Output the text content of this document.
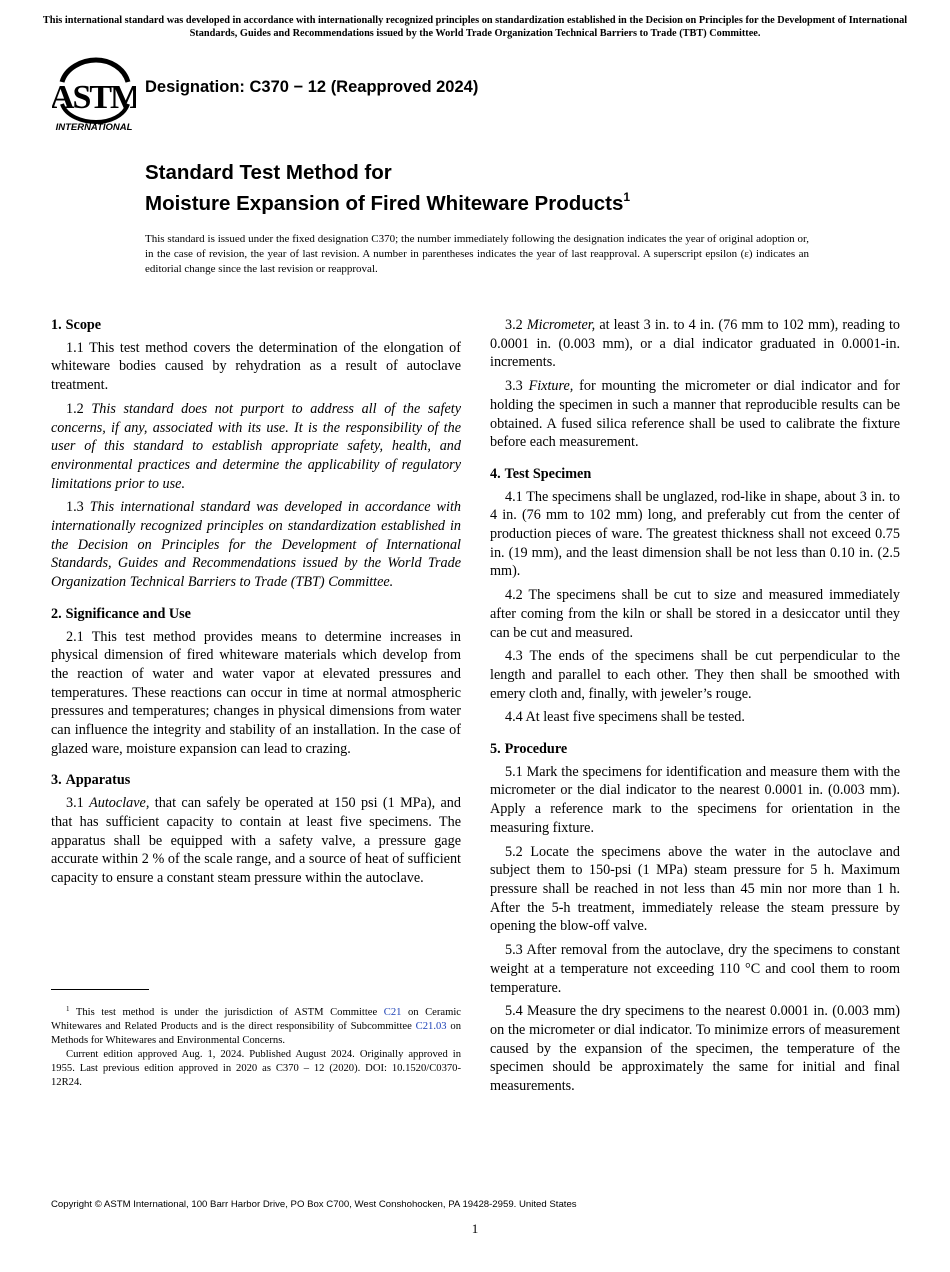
This international standard was developed in accordance with internationally recognized principles on standardization established in the Decision on Principles for the Development of International Standards, Guides and Recommendations issued by the World Trade Organization Technical Barriers to Trade (TBT) Committee.
ASTM
INTERNATIONAL
Designation: C370 − 12 (Reapproved 2024)
Standard Test Method for
Moisture Expansion of Fired Whiteware Products$^1$
This standard is issued under the fixed designation C370; the number immediately following the designation indicates the year of original adoption or, in the case of revision, the year of last revision. A number in parentheses indicates the year of last reapproval. A superscript epsilon (ε) indicates an editorial change since the last revision or reapproval.
1. Scope

1.1 This test method covers the determination of the elongation of whiteware bodies caused by rehydration as a result of autoclave treatment.

1.2 This standard does not purport to address all of the safety concerns, if any, associated with its use. It is the responsibility of the user of this standard to establish appropriate safety, health, and environmental practices and determine the applicability of regulatory limitations prior to use.

1.3 This international standard was developed in accordance with internationally recognized principles on standardization established in the Decision on Principles for the Development of International Standards, Guides and Recommendations issued by the World Trade Organization Technical Barriers to Trade (TBT) Committee.

2. Significance and Use

2.1 This test method provides means to determine increases in physical dimension of fired whiteware materials which develop from the reaction of water and water vapor at elevated pressures and temperatures. These reactions can occur in time at normal atmospheric pressures and temperatures; changes in physical dimensions from water can influence the integrity and stability of an installation. In the case of glazed ware, moisture expansion can lead to crazing.

3. Apparatus

3.1 Autoclave, that can safely be operated at 150 psi (1 MPa), and that has sufficient capacity to contain at least five specimens. The apparatus shall be equipped with a safety valve, a pressure gage accurate within 2 % of the scale range, and a source of heat of sufficient capacity to ensure a constant steam pressure within the autoclave.

$^1$ This test method is under the jurisdiction of ASTM Committee C21 on Ceramic Whitewares and Related Products and is the direct responsibility of Subcommittee C21.03 on Methods for Whitewares and Environmental Concerns.

Current edition approved Aug. 1, 2024. Published August 2024. Originally approved in 1955. Last previous edition approved in 2020 as C370 – 12 (2020). DOI: 10.1520/C0370-12R24.

3.2 Micrometer, at least 3 in. to 4 in. (76 mm to 102 mm), reading to 0.0001 in. (0.003 mm), or a dial indicator graduated in 0.0001-in. increments.

3.3 Fixture, for mounting the micrometer or dial indicator and for holding the specimen in such a manner that reproducible results can be obtained. A fused silica reference shall be used to calibrate the fixture before each measurement.

4. Test Specimen

4.1 The specimens shall be unglazed, rod-like in shape, about 3 in. to 4 in. (76 mm to 102 mm) long, and preferably cut from the center of production pieces of ware. The greatest thickness shall not exceed 0.75 in. (19 mm), and the least dimension shall be not less than 0.10 in. (2.5 mm).

4.2 The specimens shall be cut to size and measured immediately after coming from the kiln or shall be stored in a desiccator until they can be cut and measured.

4.3 The ends of the specimens shall be cut perpendicular to the length and parallel to each other. They then shall be smoothed with emery cloth and, finally, with jeweler’s rouge.

4.4 At least five specimens shall be tested.

5. Procedure

5.1 Mark the specimens for identification and measure them with the micrometer or the dial indicator to the nearest 0.0001 in. (0.003 mm). Apply a reference mark to the specimens for orientation in the measuring fixture.

5.2 Locate the specimens above the water in the autoclave and subject them to 150-psi (1 MPa) steam pressure for 5 h. Maximum pressure shall be reached in not less than 45 min nor more than 1 h. After the 5-h treatment, immediately release the steam pressure by opening the blow-off valve.

5.3 After removal from the autoclave, dry the specimens to constant weight at a temperature not exceeding 110 °C and cool them to room temperature.

5.4 Measure the dry specimens to the nearest 0.0001 in. (0.003 mm) on the micrometer or dial indicator. To minimize errors of measurement caused by the expansion of the specimen, the temperature of the specimen should be approximately the same for initial and final measurements.

Copyright © ASTM International, 100 Barr Harbor Drive, PO Box C700, West Conshohocken, PA 19428-2959. United States
1
